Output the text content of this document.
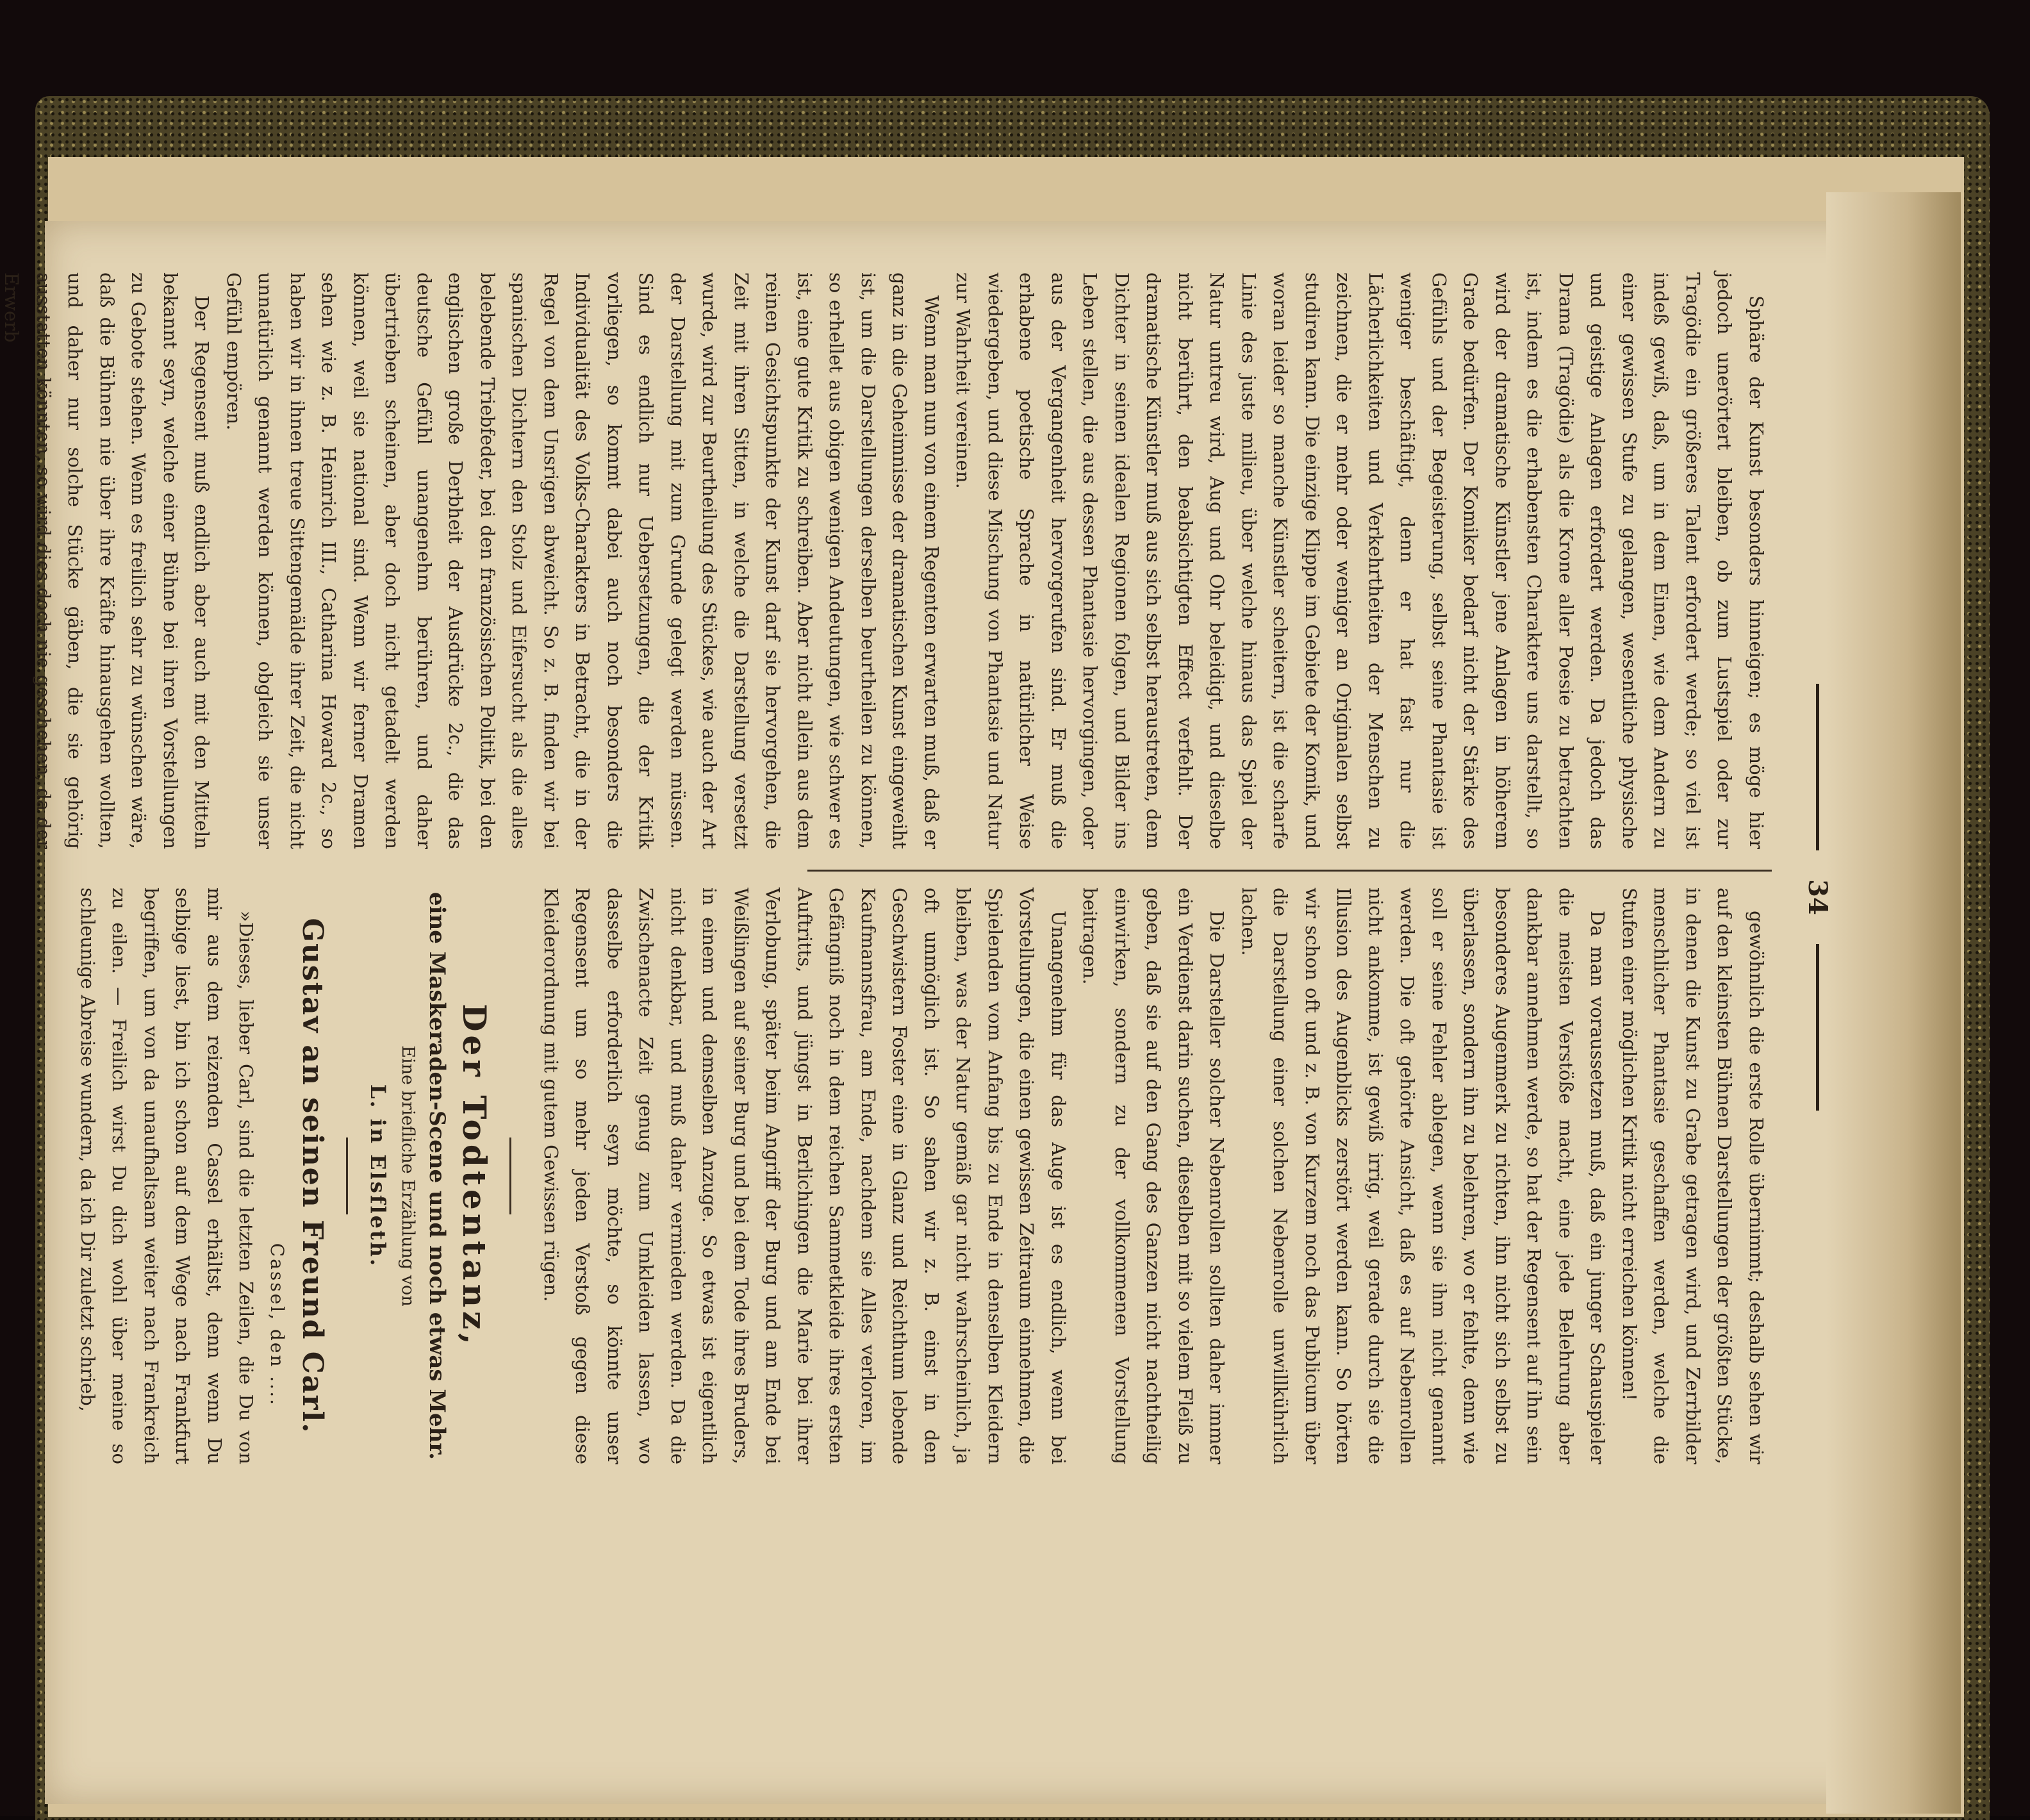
34

Sphäre der Kunst besonders hinneigen; es möge hier jedoch unerörtert bleiben, ob zum Lustspiel oder zur Tragödie ein größeres Talent erfordert werde; so viel ist indeß gewiß, daß, um in dem Einen, wie dem Andern zu einer gewissen Stufe zu gelangen, wesentliche physische und geistige Anlagen erfordert werden. Da jedoch das Drama (Tragödie) als die Krone aller Poesie zu betrachten ist, indem es die erhabensten Charaktere uns darstellt, so wird der dramatische Künstler jene Anlagen in höherem Grade bedürfen. Der Komiker bedarf nicht der Stärke des Gefühls und der Begeisterung, selbst seine Phantasie ist weniger beschäftigt, denn er hat fast nur die Lächerlichkeiten und Verkehrtheiten der Menschen zu zeichnen, die er mehr oder weniger an Originalen selbst studiren kann. Die einzige Klippe im Gebiete der Komik, und woran leider so manche Künstler scheitern, ist die scharfe Linie des juste milieu, über welche hinaus das Spiel der Natur untreu wird, Aug und Ohr beleidigt, und dieselbe nicht berührt, den beabsichtigten Effect verfehlt. Der dramatische Künstler muß aus sich selbst heraustreten, dem Dichter in seinen idealen Regionen folgen, und Bilder ins Leben stellen, die aus dessen Phantasie hervorgingen, oder aus der Vergangenheit hervorgerufen sind. Er muß die erhabene poetische Sprache in natürlicher Weise wiedergeben, und diese Mischung von Phantasie und Natur zur Wahrheit vereinen.

Wenn man nun von einem Regenten erwarten muß, daß er ganz in die Geheimnisse der dramatischen Kunst eingeweiht ist, um die Darstellungen derselben beurtheilen zu können, so erhellet aus obigen wenigen Andeutungen, wie schwer es ist, eine gute Kritik zu schreiben. Aber nicht allein aus dem reinen Gesichtspunkte der Kunst darf sie hervorgehen, die Zeit mit ihren Sitten, in welche die Darstellung versetzt wurde, wird zur Beurtheilung des Stückes, wie auch der Art der Darstellung mit zum Grunde gelegt werden müssen. Sind es endlich nur Uebersetzungen, die der Kritik vorliegen, so kommt dabei auch noch besonders die Individualität des Volks-Charakters in Betracht, die in der Regel von dem Unsrigen abweicht. So z. B. finden wir bei spanischen Dichtern den Stolz und Eifersucht als die alles belebende Triebfeder, bei den französischen Politik, bei den englischen große Derbheit der Ausdrücke 2c., die das deutsche Gefühl unangenehm berühren, und daher übertrieben scheinen, aber doch nicht getadelt werden können, weil sie national sind. Wenn wir ferner Dramen sehen wie z. B. Heinrich III., Catharina Howard 2c., so haben wir in ihnen treue Sittengemälde ihrer Zeit, die nicht unnatürlich genannt werden können, obgleich sie unser Gefühl empören.

Der Regensent muß endlich aber auch mit den Mitteln bekannt seyn, welche einer Bühne bei ihren Vorstellungen zu Gebote stehen. Wenn es freilich sehr zu wünschen wäre, daß die Bühnen nie über ihre Kräfte hinausgehen wollten, und daher nur solche Stücke gäben, die sie gehörig ausstatten könnten, so wird dies doch nie geschehen, da der Erwerb

gewöhnlich die erste Rolle übernimmt; deshalb sehen wir auf den kleinsten Bühnen Darstellungen der größten Stücke, in denen die Kunst zu Grabe getragen wird, und Zerrbilder menschlicher Phantasie geschaffen werden, welche die Stufen einer möglichen Kritik nicht erreichen können!

Da man voraussetzen muß, daß ein junger Schauspieler die meisten Verstöße macht, eine jede Belehrung aber dankbar annehmen werde, so hat der Regensent auf ihn sein besonderes Augenmerk zu richten, ihn nicht sich selbst zu überlassen, sondern ihn zu belehren, wo er fehlte, denn wie soll er seine Fehler ablegen, wenn sie ihm nicht genannt werden. Die oft gehörte Ansicht, daß es auf Nebenrollen nicht ankomme, ist gewiß irrig, weil gerade durch sie die Illusion des Augenblicks zerstört werden kann. So hörten wir schon oft und z. B. von Kurzem noch das Publicum über die Darstellung einer solchen Nebenrolle unwillkührlich lachen.

Die Darsteller solcher Nebenrollen sollten daher immer ein Verdienst darin suchen, dieselben mit so vielem Fleiß zu geben, daß sie auf den Gang des Ganzen nicht nachtheilig einwirken, sondern zu der vollkommenen Vorstellung beitragen.

Unangenehm für das Auge ist es endlich, wenn bei Vorstellungen, die einen gewissen Zeitraum einnehmen, die Spielenden vom Anfang bis zu Ende in denselben Kleidern bleiben, was der Natur gemäß gar nicht wahrscheinlich, ja oft unmöglich ist. So sahen wir z. B. einst in den Geschwistern Foster eine in Glanz und Reichthum lebende Kaufmannsfrau, am Ende, nachdem sie Alles verloren, im Gefängniß noch in dem reichen Sammetkleide ihres ersten Auftritts, und jüngst in Berlichingen die Marie bei ihrer Verlobung, später beim Angriff der Burg und am Ende bei Weißlingen auf seiner Burg und bei dem Tode ihres Bruders, in einem und demselben Anzuge. So etwas ist eigentlich nicht denkbar, und muß daher vermieden werden. Da die Zwischenacte Zeit genug zum Umkleiden lassen, wo dasselbe erforderlich seyn möchte, so könnte unser Regensent um so mehr jeden Verstoß gegen diese Kleiderordnung mit gutem Gewissen rügen.

Der Todtentanz,
eine Maskeraden-Scene und noch etwas Mehr.
Eine briefliche Erzählung von
L. in Elsfleth.
Gustav an seinen Freund Carl.
Cassel, den ....

»Dieses, lieber Carl, sind die letzten Zeilen, die Du von mir aus dem reizenden Cassel erhältst, denn wenn Du selbige liest, bin ich schon auf dem Wege nach Frankfurt begriffen, um von da unaufhaltsam weiter nach Frankreich zu eilen. — Freilich wirst Du dich wohl über meine so schleunige Abreise wundern, da ich Dir zuletzt schrieb,
